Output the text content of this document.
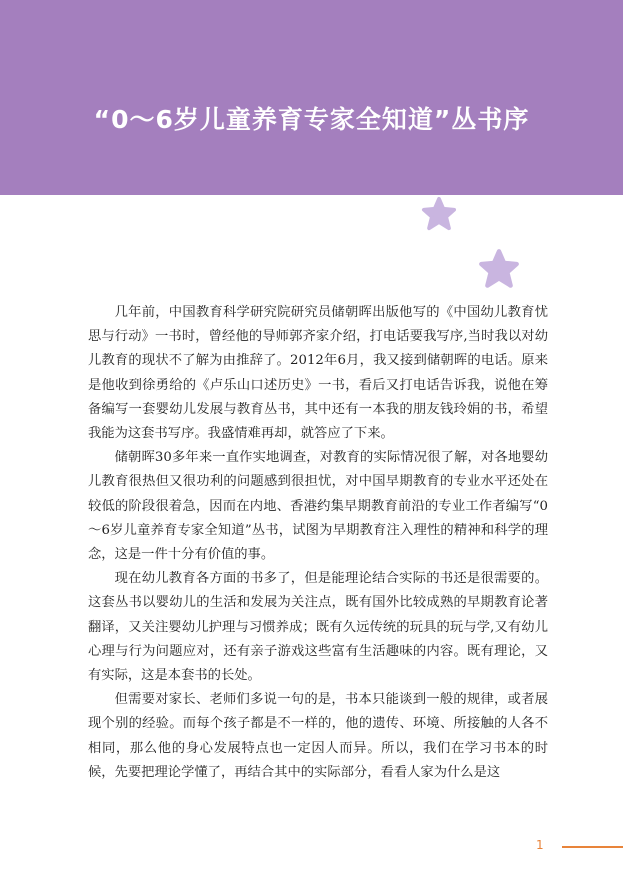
“0～6岁儿童养育专家全知道”丛书序

几年前，中国教育科学研究院研究员储朝晖出版他写的《中国幼儿教育忧思与行动》一书时，曾经他的导师郭齐家介绍，打电话要我写序,当时我以对幼儿教育的现状不了解为由推辞了。2012年6月，我又接到储朝晖的电话。原来是他收到徐勇给的《卢乐山口述历史》一书，看后又打电话告诉我，说他在筹备编写一套婴幼儿发展与教育丛书，其中还有一本我的朋友钱玲娟的书，希望我能为这套书写序。我盛情难再却，就答应了下来。

储朝晖30多年来一直作实地调查，对教育的实际情况很了解，对各地婴幼儿教育很热但又很功利的问题感到很担忧，对中国早期教育的专业水平还处在较低的阶段很着急，因而在内地、香港约集早期教育前沿的专业工作者编写“0～6岁儿童养育专家全知道”丛书，试图为早期教育注入理性的精神和科学的理念，这是一件十分有价值的事。

现在幼儿教育各方面的书多了，但是能理论结合实际的书还是很需要的。这套丛书以婴幼儿的生活和发展为关注点，既有国外比较成熟的早期教育论著翻译，又关注婴幼儿护理与习惯养成；既有久远传统的玩具的玩与学,又有幼儿心理与行为问题应对，还有亲子游戏这些富有生活趣味的内容。既有理论，又有实际，这是本套书的长处。

但需要对家长、老师们多说一句的是，书本只能谈到一般的规律，或者展现个别的经验。而每个孩子都是不一样的，他的遗传、环境、所接触的人各不相同，那么他的身心发展特点也一定因人而异。所以，我们在学习书本的时候，先要把理论学懂了，再结合其中的实际部分，看看人家为什么是这

1
